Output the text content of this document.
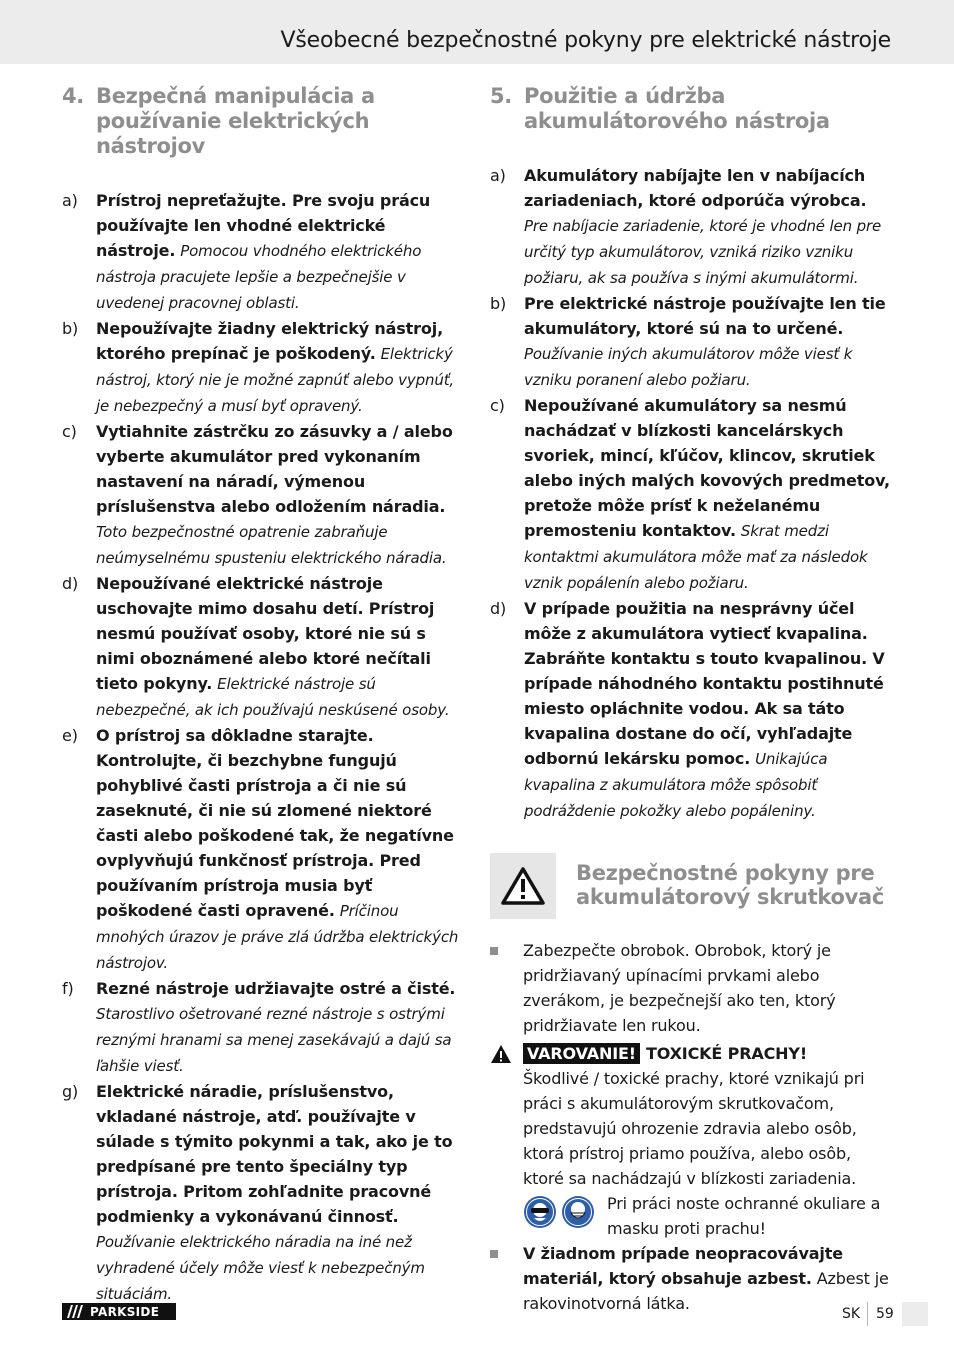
Všeobecné bezpečnostné pokyny pre elektrické nástroje
4. Bezpečná manipulácia a používanie elektrických nástrojov
a)	Prístroj nepreťažujte. Pre svoju prácu používajte len vhodné elektrické nástroje. Pomocou vhodného elektrického nástroja pracujete lepšie a bezpečnejšie v uvedenej pracovnej oblasti.
b)	Nepoužívajte žiadny elektrický nástroj, ktorého prepínač je poškodený. Elektrický nástroj, ktorý nie je možné zapnúť alebo vypnúť, je nebezpečný a musí byť opravený.
c)	Vytiahnite zástrčku zo zásuvky a / alebo vyberte akumulátor pred vykonaním nastavení na náradí, výmenou príslušenstva alebo odložením náradia. Toto bezpečnostné opatrenie zabraňuje neúmyselnému spusteniu elektrického náradia.
d)	Nepoužívané elektrické nástroje uschovajte mimo dosahu detí. Prístroj nesmú používať osoby, ktoré nie sú s nimi oboznámené alebo ktoré nečítali tieto pokyny. Elektrické nástroje sú nebezpečné, ak ich používajú neskúsené osoby.
e)	O prístroj sa dôkladne starajte. Kontrolujte, či bezchybne fungujú pohyblivé časti prístroja a či nie sú zaseknuté, či nie sú zlomené niektoré časti alebo poškodené tak, že negatívne ovplyvňujú funkčnosť prístroja. Pred používaním prístroja musia byť poškodené časti opravené. Príčinou mnohých úrazov je práve zlá údržba elektrických nástrojov.
f)	Rezné nástroje udržiavajte ostré a čisté. Starostlivo ošetrované rezné nástroje s ostrými reznými hranami sa menej zasekávajú a dajú sa ľahšie viesť.
g)	Elektrické náradie, príslušenstvo, vkladané nástroje, atď. používajte v súlade s týmito pokynmi a tak, ako je to predpísané pre tento špeciálny typ prístroja. Pritom zohľadnite pracovné podmienky a vykonávanú činnosť. Používanie elektrického náradia na iné než vyhradené účely môže viesť k nebezpečným situáciám.
5. Použitie a údržba akumulátorového nástroja
a)	Akumulátory nabíjajte len v nabíjacích zariadeniach, ktoré odporúča výrobca. Pre nabíjacie zariadenie, ktoré je vhodné len pre určitý typ akumulátorov, vzniká riziko vzniku požiaru, ak sa používa s inými akumulátormi.
b)	Pre elektrické nástroje používajte len tie akumulátory, ktoré sú na to určené. Používanie iných akumulátorov môže viesť k vzniku poranení alebo požiaru.
c)	Nepoužívané akumulátory sa nesmú nachádzať v blízkosti kancelárskych svoriek, mincí, kľúčov, klincov, skrutiek alebo iných malých kovových predmetov, pretože môže prísť k neželanému premosteniu kontaktov. Skrat medzi kontaktmi akumulátora môže mať za následok vznik popálenín alebo požiaru.
d)	V prípade použitia na nesprávny účel môže z akumulátora vytiecť kvapalina. Zabráňte kontaktu s touto kvapalinou. V prípade náhodného kontaktu postihnuté miesto opláchnite vodou. Ak sa táto kvapalina dostane do očí, vyhľadajte odbornú lekársku pomoc. Unikajúca kvapalina z akumulátora môže spôsobiť podráždenie pokožky alebo popáleniny.
Bezpečnostné pokyny pre akumulátorový skrutkovač
Zabezpečte obrobok. Obrobok, ktorý je pridržiavaný upínacími prvkami alebo zverákom, je bezpečnejší ako ten, ktorý pridržiavate len rukou.
VAROVANIE! TOXICKÉ PRACHY!
Škodlivé / toxické prachy, ktoré vznikajú pri práci s akumulátorovým skrutkovačom, predstavujú ohrozenie zdravia alebo osôb, ktorá prístroj priamo používa, alebo osôb, ktoré sa nachádzajú v blízkosti zariadenia.
Pri práci noste ochranné okuliare a masku proti prachu!
V žiadnom prípade neopracovávajte materiál, ktorý obsahuje azbest. Azbest je rakovinotvorná látka.
PARKSIDE	SK 59
